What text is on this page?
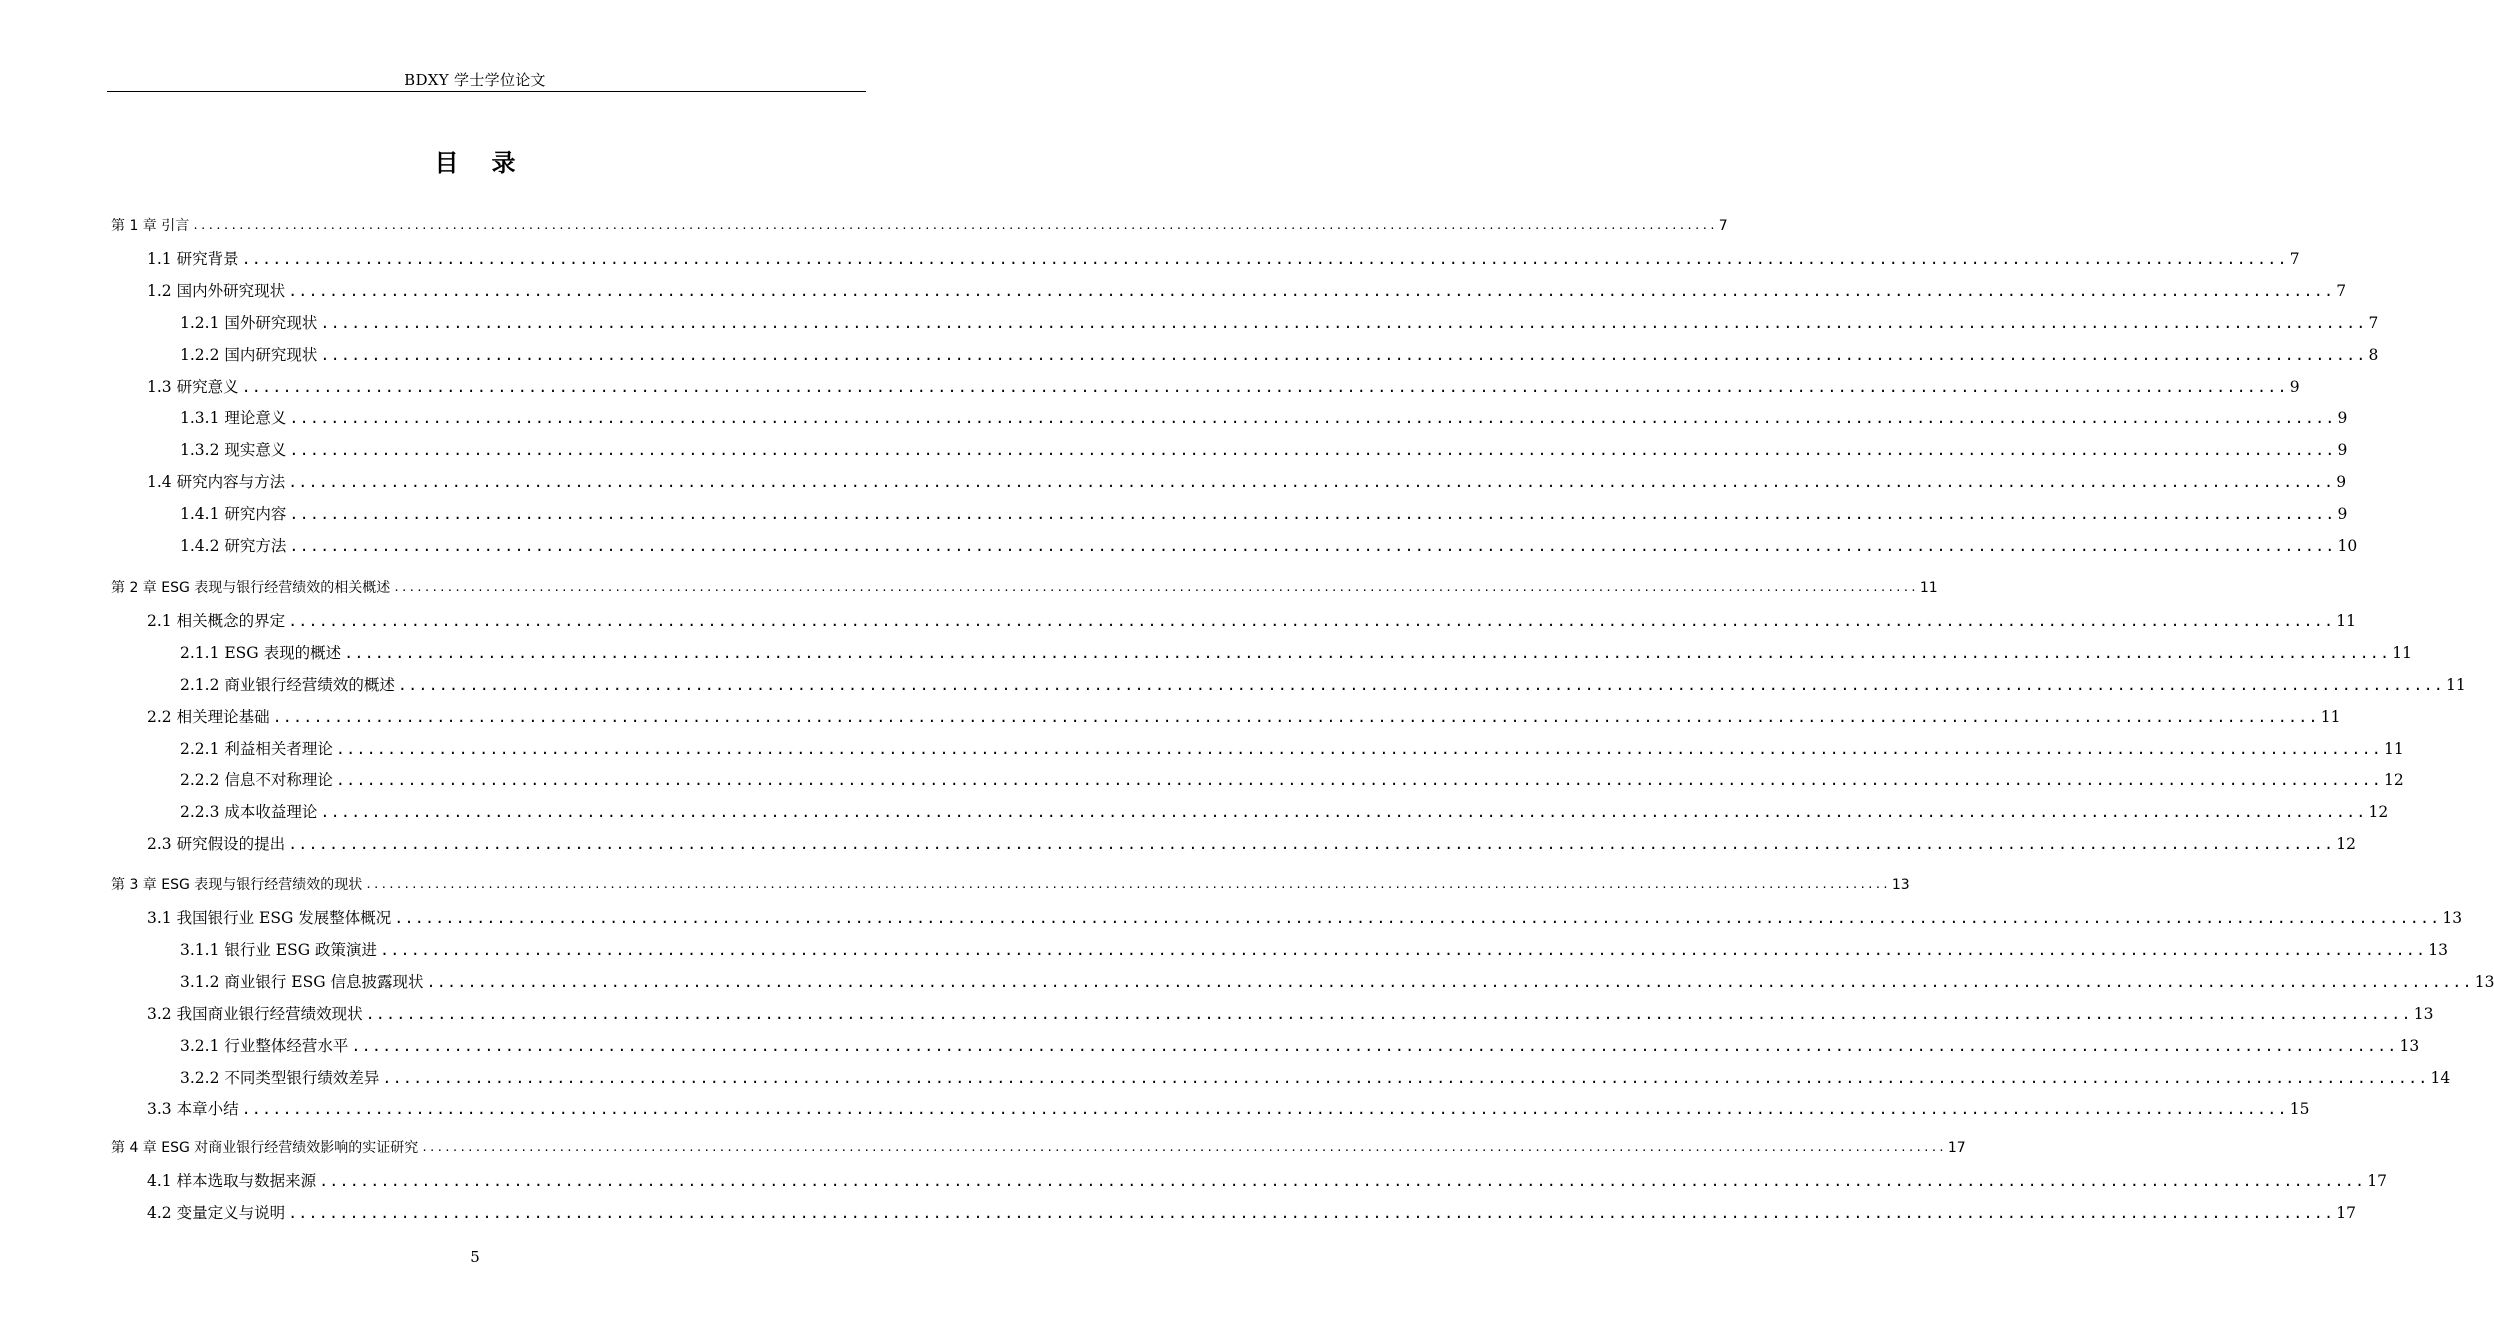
BDXY 学士学位论文
目录
第 1 章 引言 ........................................................................................................................................................................................................ 7
1.1 研究背景 ........................................................................................................................................................................................................ 7
1.2 国内外研究现状 ........................................................................................................................................................................................................ 7
1.2.1 国外研究现状 ........................................................................................................................................................................................................ 7
1.2.2 国内研究现状 ........................................................................................................................................................................................................ 8
1.3 研究意义 ........................................................................................................................................................................................................ 9
1.3.1 理论意义 ........................................................................................................................................................................................................ 9
1.3.2 现实意义 ........................................................................................................................................................................................................ 9
1.4 研究内容与方法 ........................................................................................................................................................................................................ 9
1.4.1 研究内容 ........................................................................................................................................................................................................ 9
1.4.2 研究方法 ........................................................................................................................................................................................................ 10
第 2 章 ESG 表现与银行经营绩效的相关概述 ........................................................................................................................................................................................................ 11
2.1 相关概念的界定 ........................................................................................................................................................................................................ 11
2.1.1 ESG 表现的概述 ........................................................................................................................................................................................................ 11
2.1.2 商业银行经营绩效的概述 ........................................................................................................................................................................................................ 11
2.2 相关理论基础 ........................................................................................................................................................................................................ 11
2.2.1 利益相关者理论 ........................................................................................................................................................................................................ 11
2.2.2 信息不对称理论 ........................................................................................................................................................................................................ 12
2.2.3 成本收益理论 ........................................................................................................................................................................................................ 12
2.3 研究假设的提出 ........................................................................................................................................................................................................ 12
第 3 章 ESG 表现与银行经营绩效的现状 ........................................................................................................................................................................................................ 13
3.1 我国银行业 ESG 发展整体概况 ........................................................................................................................................................................................................ 13
3.1.1 银行业 ESG 政策演进 ........................................................................................................................................................................................................ 13
3.1.2 商业银行 ESG 信息披露现状 ........................................................................................................................................................................................................ 13
3.2 我国商业银行经营绩效现状 ........................................................................................................................................................................................................ 13
3.2.1 行业整体经营水平 ........................................................................................................................................................................................................ 13
3.2.2 不同类型银行绩效差异 ........................................................................................................................................................................................................ 14
3.3 本章小结 ........................................................................................................................................................................................................ 15
第 4 章 ESG 对商业银行经营绩效影响的实证研究 ........................................................................................................................................................................................................ 17
4.1 样本选取与数据来源 ........................................................................................................................................................................................................ 17
4.2 变量定义与说明 ........................................................................................................................................................................................................ 17
5
